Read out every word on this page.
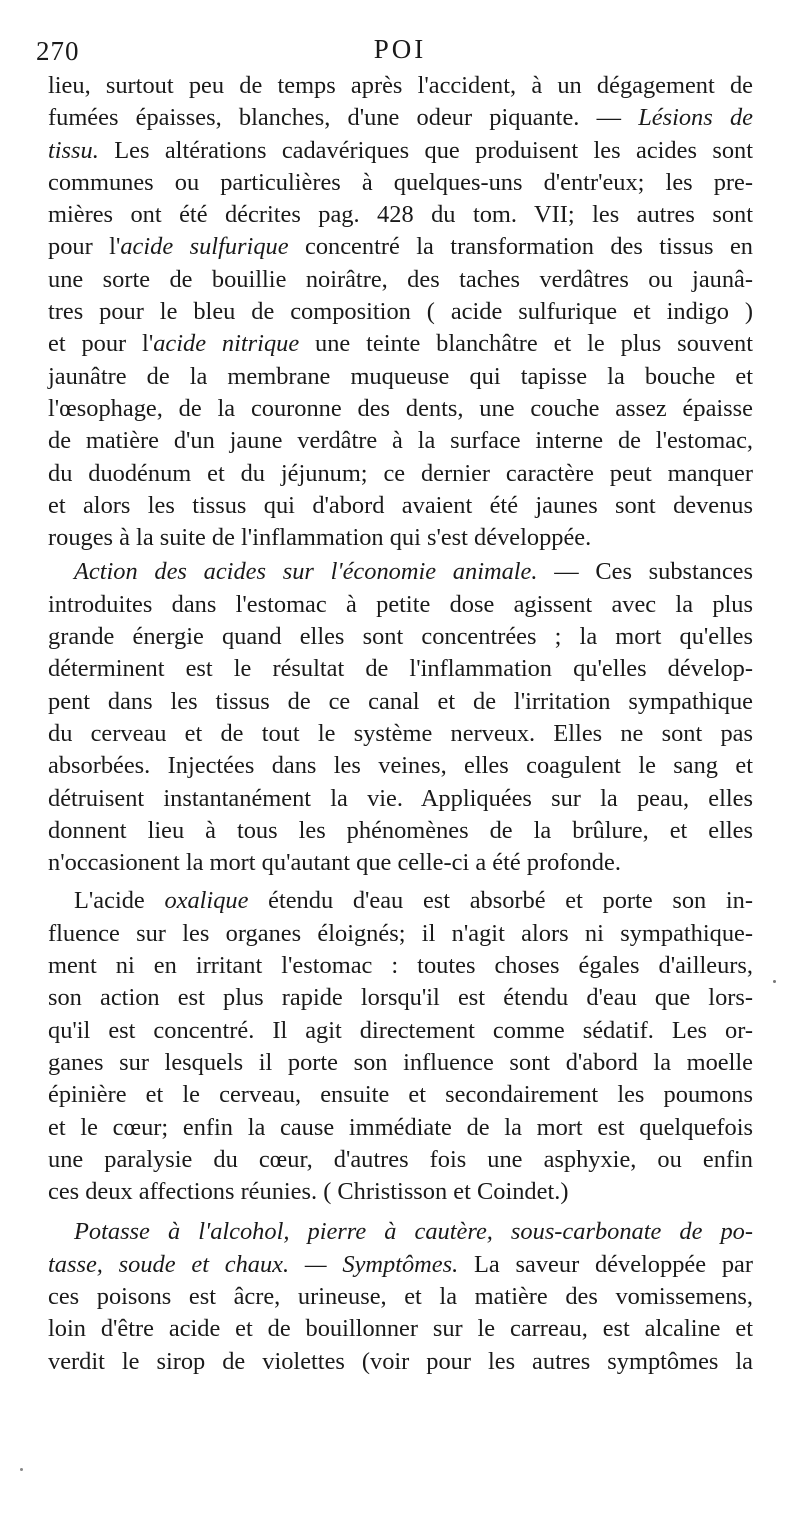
270	POI
lieu, surtout peu de temps après l'accident, à un dégagement de
fumées épaisses, blanches, d'une odeur piquante. — Lésions de
tissu. Les altérations cadavériques que produisent les acides sont
communes ou particulières à quelques-uns d'entr'eux; les pre-
mières ont été décrites pag. 428 du tom. VII; les autres sont
pour l'acide sulfurique concentré la transformation des tissus en
une sorte de bouillie noirâtre, des taches verdâtres ou jaunâ-
tres pour le bleu de composition ( acide sulfurique et indigo )
et pour l'acide nitrique une teinte blanchâtre et le plus souvent
jaunâtre de la membrane muqueuse qui tapisse la bouche et
l'œsophage, de la couronne des dents, une couche assez épaisse
de matière d'un jaune verdâtre à la surface interne de l'estomac,
du duodénum et du jéjunum; ce dernier caractère peut manquer
et alors les tissus qui d'abord avaient été jaunes sont devenus
rouges à la suite de l'inflammation qui s'est développée.
Action des acides sur l'économie animale. — Ces substances
introduites dans l'estomac à petite dose agissent avec la plus
grande énergie quand elles sont concentrées ; la mort qu'elles
déterminent est le résultat de l'inflammation qu'elles dévelop-
pent dans les tissus de ce canal et de l'irritation sympathique
du cerveau et de tout le système nerveux. Elles ne sont pas
absorbées. Injectées dans les veines, elles coagulent le sang et
détruisent instantanément la vie. Appliquées sur la peau, elles
donnent lieu à tous les phénomènes de la brûlure, et elles
n'occasionent la mort qu'autant que celle-ci a été profonde.
L'acide oxalique étendu d'eau est absorbé et porte son in-
fluence sur les organes éloignés; il n'agit alors ni sympathique-
ment ni en irritant l'estomac : toutes choses égales d'ailleurs,
son action est plus rapide lorsqu'il est étendu d'eau que lors-
qu'il est concentré. Il agit directement comme sédatif. Les or-
ganes sur lesquels il porte son influence sont d'abord la moelle
épinière et le cerveau, ensuite et secondairement les poumons
et le cœur; enfin la cause immédiate de la mort est quelquefois
une paralysie du cœur, d'autres fois une asphyxie, ou enfin
ces deux affections réunies. ( Christisson et Coindet.)
Potasse à l'alcohol, pierre à cautère, sous-carbonate de po-
tasse, soude et chaux. — Symptômes. La saveur développée par
ces poisons est âcre, urineuse, et la matière des vomissemens,
loin d'être acide et de bouillonner sur le carreau, est alcaline et
verdit le sirop de violettes (voir pour les autres symptômes la
